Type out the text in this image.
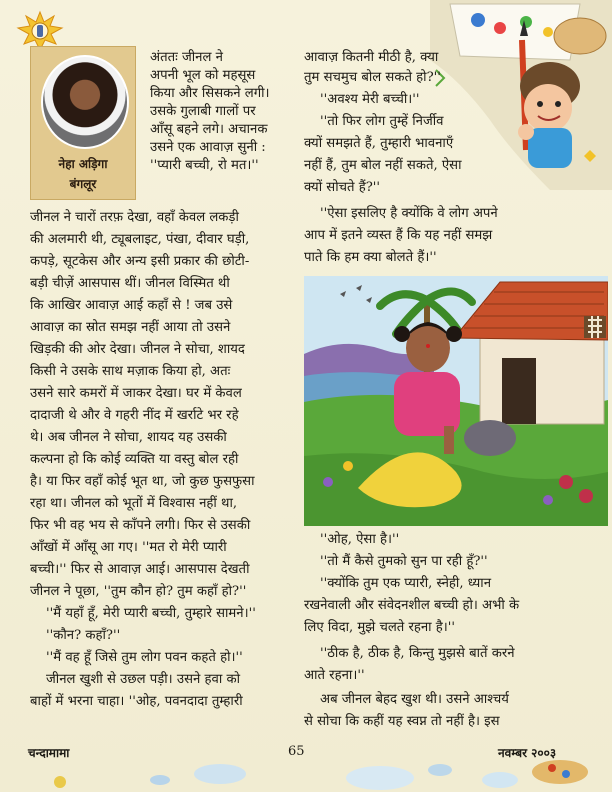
नेहा अड़िगा
बंगलूर
अंततः जीनल ने
अपनी भूल को महसूस
किया और सिसकने लगी।
उसके गुलाबी गालों पर
आँसू बहने लगे। अचानक
उसने एक आवाज़ सुनी :
''प्यारी बच्ची, रो मत।''
जीनल ने चारों तरफ़ देखा, वहाँ केवल लकड़ी
की अलमारी थी, ट्यूबलाइट, पंखा, दीवार घड़ी,
कपड़े, सूटकेस और अन्य इसी प्रकार की छोटी-
बड़ी चीज़ें आसपास थीं। जीनल विस्मित थी
कि आखिर आवाज़ आई कहाँ से ! जब उसे
आवाज़ का स्रोत समझ नहीं आया तो उसने
खिड़की की ओर देखा। जीनल ने सोचा, शायद
किसी ने उसके साथ मज़ाक किया हो, अतः
उसने सारे कमरों में जाकर देखा। घर में केवल
दादाजी थे और वे गहरी नींद में खर्राटे भर रहे
थे। अब जीनल ने सोचा, शायद यह उसकी
कल्पना हो कि कोई व्यक्ति या वस्तु बोल रही
है। या फिर वहाँ कोई भूत था, जो कुछ फुसफुसा
रहा था। जीनल को भूतों में विश्वास नहीं था,
फिर भी वह भय से काँपने लगी। फिर से उसकी
आँखों में आँसू आ गए। ''मत रो मेरी प्यारी
बच्ची।'' फिर से आवाज़ आई। आसपास देखती
जीनल ने पूछा, ''तुम कौन हो? तुम कहाँ हो?''
''मैं यहाँ हूँ, मेरी प्यारी बच्ची, तुम्हारे सामने।''
''कौन? कहाँ?''
''मैं वह हूँ जिसे तुम लोग पवन कहते हो।''
जीनल खुशी से उछल पड़ी। उसने हवा को
बाहों में भरना चाहा। ''ओह, पवनदादा तुम्हारी
आवाज़ कितनी मीठी है, क्या
तुम सचमुच बोल सकते हो?''
''अवश्य मेरी बच्ची।''
''तो फिर लोग तुम्हें निर्जीव
क्यों समझते हैं, तुम्हारी भावनाएँ
नहीं हैं, तुम बोल नहीं सकते, ऐसा
क्यों सोचते हैं?''
''ऐसा इसलिए है क्योंकि वे लोग अपने
आप में इतने व्यस्त हैं कि यह नहीं समझ
पाते कि हम क्या बोलते हैं।''
''ओह, ऐसा है।''
''तो मैं कैसे तुमको सुन पा रही हूँ?''
''क्योंकि तुम एक प्यारी, स्नेही, ध्यान
रखनेवाली और संवेदनशील बच्ची हो। अभी के
लिए विदा, मुझे चलते रहना है।''
''ठीक है, ठीक है, किन्तु मुझसे बातें करने
आते रहना।''
अब जीनल बेहद खुश थी। उसने आश्चर्य
से सोचा कि कहीं यह स्वप्न तो नहीं है। इस
चन्दामामा	65	नवम्बर २००३
